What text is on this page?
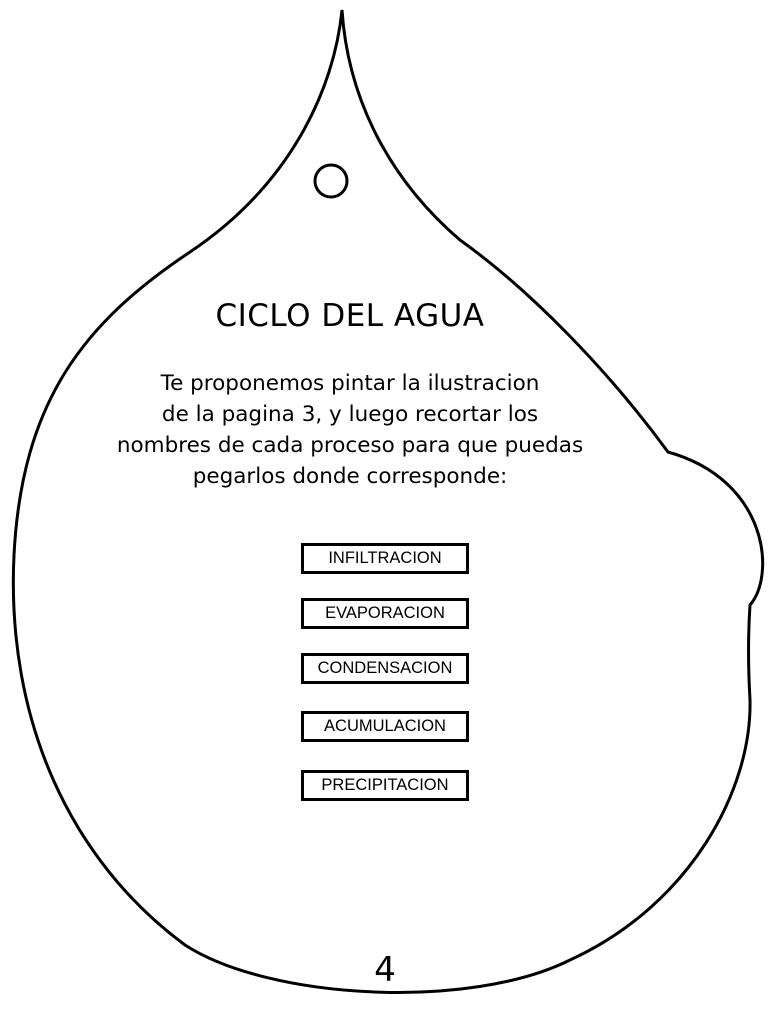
CICLO DEL AGUA
Te proponemos pintar la ilustracion
de la pagina 3, y luego recortar los
nombres de cada proceso para que puedas
pegarlos donde corresponde:
INFILTRACION
EVAPORACION
CONDENSACION
ACUMULACION
PRECIPITACION
4
